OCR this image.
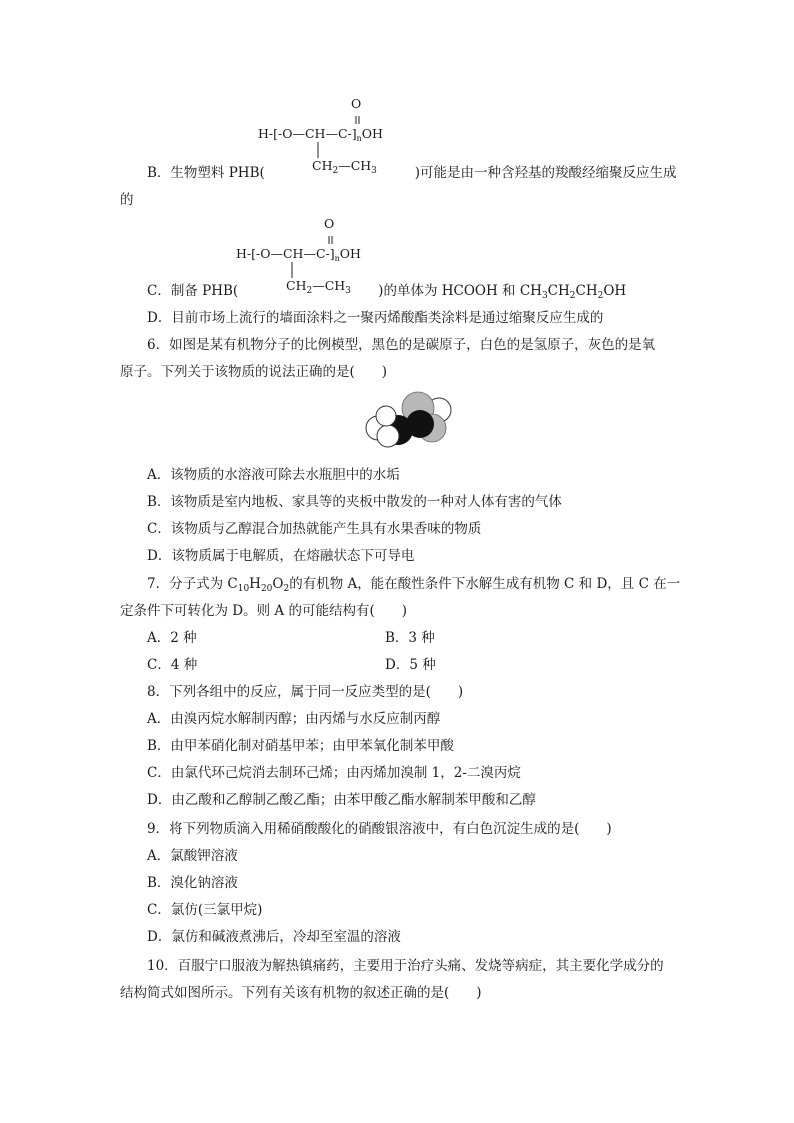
O
$H-[-O—CH—C-]_nOH$
$CH_2—CH_3$
B．生物塑料 PHB(	)可能是由一种含羟基的羧酸经缩聚反应生成
的
O
$H-[-O—CH—C-]_nOH$
$CH_2—CH_3$
C．制备 PHB(	)的单体为 HCOOH 和 $CH_3CH_2CH_2OH$
D．目前市场上流行的墙面涂料之一聚丙烯酸酯类涂料是通过缩聚反应生成的
6．如图是某有机物分子的比例模型，黑色的是碳原子，白色的是氢原子，灰色的是氧
原子。下列关于该物质的说法正确的是(　　)
A．该物质的水溶液可除去水瓶胆中的水垢
B．该物质是室内地板、家具等的夹板中散发的一种对人体有害的气体
C．该物质与乙醇混合加热就能产生具有水果香味的物质
D．该物质属于电解质，在熔融状态下可导电
7．分子式为 $C_{10}H_{20}O_2$的有机物 A，能在酸性条件下水解生成有机物 C 和 D，且 C 在一
定条件下可转化为 D。则 A 的可能结构有(　　)
A．2 种	B．3 种
C．4 种	D．5 种
8．下列各组中的反应，属于同一反应类型的是(　　)
A．由溴丙烷水解制丙醇；由丙烯与水反应制丙醇
B．由甲苯硝化制对硝基甲苯；由甲苯氧化制苯甲酸
C．由氯代环己烷消去制环己烯；由丙烯加溴制 1，2-二溴丙烷
D．由乙酸和乙醇制乙酸乙酯；由苯甲酸乙酯水解制苯甲酸和乙醇
9．将下列物质滴入用稀硝酸酸化的硝酸银溶液中，有白色沉淀生成的是(　　)
A．氯酸钾溶液
B．溴化钠溶液
C．氯仿(三氯甲烷)
D．氯仿和碱液煮沸后，冷却至室温的溶液
10．百服宁口服液为解热镇痛药，主要用于治疗头痛、发烧等病症，其主要化学成分的
结构简式如图所示。下列有关该有机物的叙述正确的是(　　)
